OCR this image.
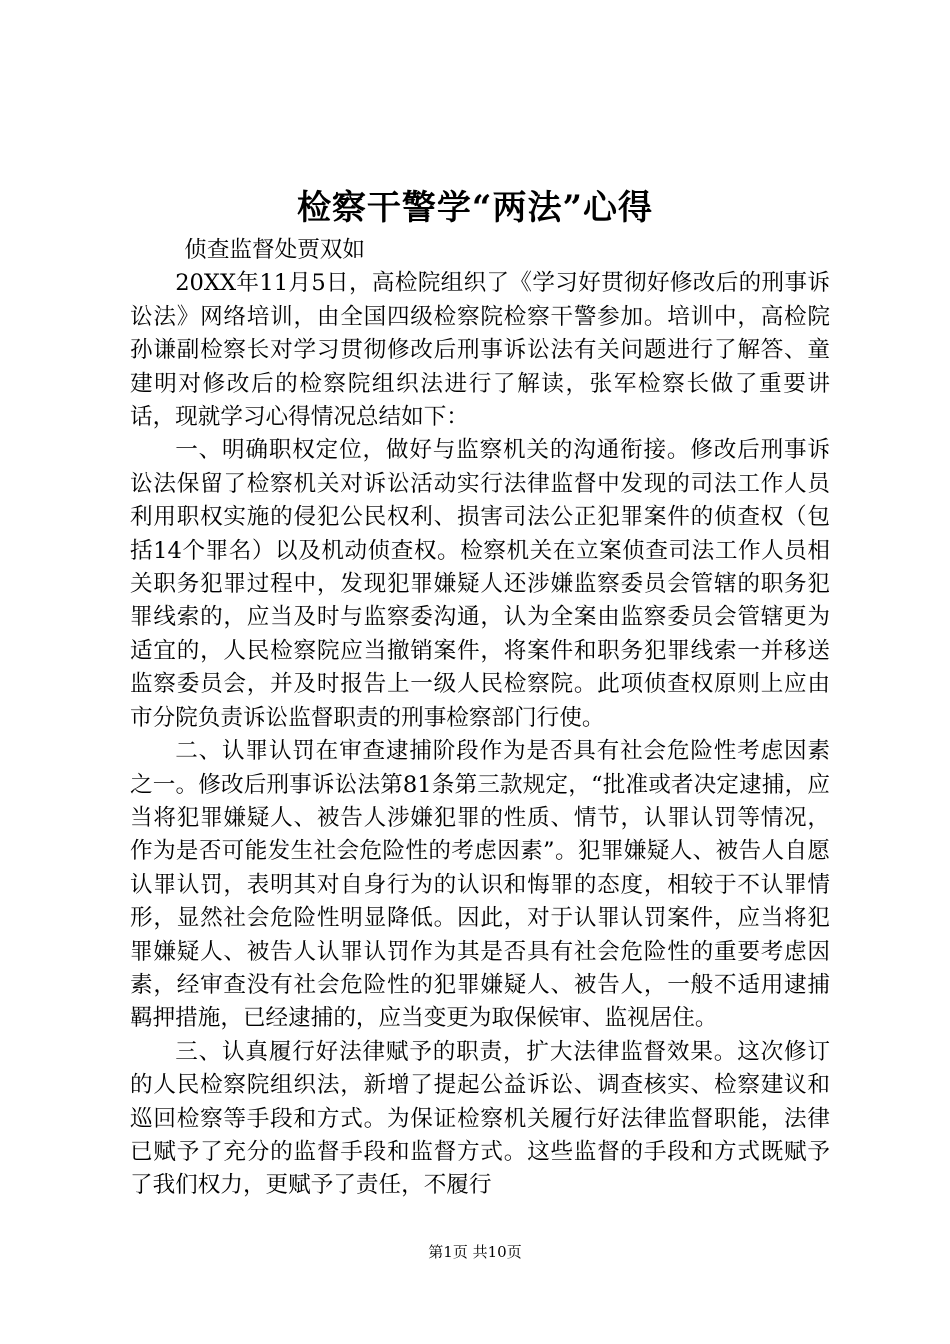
检察干警学“两法”心得

侦查监督处贾双如

20XX年11月5日，高检院组织了《学习好贯彻好修改后的刑事诉讼法》网络培训，由全国四级检察院检察干警参加。培训中，高检院孙谦副检察长对学习贯彻修改后刑事诉讼法有关问题进行了解答、童建明对修改后的检察院组织法进行了解读，张军检察长做了重要讲话，现就学习心得情况总结如下：

一、明确职权定位，做好与监察机关的沟通衔接。修改后刑事诉讼法保留了检察机关对诉讼活动实行法律监督中发现的司法工作人员利用职权实施的侵犯公民权利、损害司法公正犯罪案件的侦查权（包括14个罪名）以及机动侦查权。检察机关在立案侦查司法工作人员相关职务犯罪过程中，发现犯罪嫌疑人还涉嫌监察委员会管辖的职务犯罪线索的，应当及时与监察委沟通，认为全案由监察委员会管辖更为适宜的，人民检察院应当撤销案件，将案件和职务犯罪线索一并移送监察委员会，并及时报告上一级人民检察院。此项侦查权原则上应由市分院负责诉讼监督职责的刑事检察部门行使。

二、认罪认罚在审查逮捕阶段作为是否具有社会危险性考虑因素之一。修改后刑事诉讼法第81条第三款规定，“批准或者决定逮捕，应当将犯罪嫌疑人、被告人涉嫌犯罪的性质、情节，认罪认罚等情况，作为是否可能发生社会危险性的考虑因素”。犯罪嫌疑人、被告人自愿认罪认罚，表明其对自身行为的认识和悔罪的态度，相较于不认罪情形，显然社会危险性明显降低。因此，对于认罪认罚案件，应当将犯罪嫌疑人、被告人认罪认罚作为其是否具有社会危险性的重要考虑因素，经审查没有社会危险性的犯罪嫌疑人、被告人，一般不适用逮捕羁押措施，已经逮捕的，应当变更为取保候审、监视居住。

三、认真履行好法律赋予的职责，扩大法律监督效果。这次修订的人民检察院组织法，新增了提起公益诉讼、调查核实、检察建议和巡回检察等手段和方式。为保证检察机关履行好法律监督职能，法律已赋予了充分的监督手段和监督方式。这些监督的手段和方式既赋予了我们权力，更赋予了责任，不履行

第1页 共10页
